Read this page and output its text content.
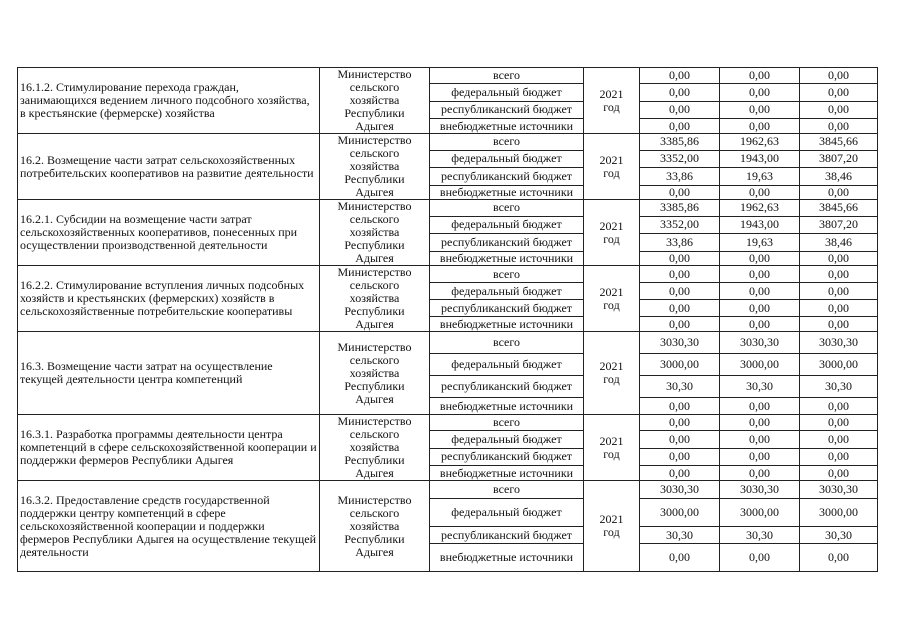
16.1.2. Стимулирование перехода граждан, занимающихся ведением личного подсобного хозяйства, в крестьянские (фермерске) хозяйства	Министерство сельского хозяйства Республики Адыгея	всего	2021 год	0,00	0,00	0,00
		федеральный бюджет		0,00	0,00	0,00
		республиканский бюджет		0,00	0,00	0,00
		внебюджетные источники		0,00	0,00	0,00
16.2. Возмещение части затрат сельскохозяйственных потребительских кооперативов на развитие деятельности	Министерство сельского хозяйства Республики Адыгея	всего	2021 год	3385,86	1962,63	3845,66
		федеральный бюджет		3352,00	1943,00	3807,20
		республиканский бюджет		33,86	19,63	38,46
		внебюджетные источники		0,00	0,00	0,00
16.2.1. Субсидии на возмещение части затрат сельскохозяйственных кооперативов, понесенных при осуществлении производственной деятельности	Министерство сельского хозяйства Республики Адыгея	всего	2021 год	3385,86	1962,63	3845,66
		федеральный бюджет		3352,00	1943,00	3807,20
		республиканский бюджет		33,86	19,63	38,46
		внебюджетные источники		0,00	0,00	0,00
16.2.2. Стимулирование вступления личных подсобных хозяйств и крестьянских (фермерских) хозяйств в сельскохозяйственные потребительские кооперативы	Министерство сельского хозяйства Республики Адыгея	всего	2021 год	0,00	0,00	0,00
		федеральный бюджет		0,00	0,00	0,00
		республиканский бюджет		0,00	0,00	0,00
		внебюджетные источники		0,00	0,00	0,00
16.3. Возмещение части затрат на осуществление текущей деятельности центра компетенций	Министерство сельского хозяйства Республики Адыгея	всего	2021 год	3030,30	3030,30	3030,30
		федеральный бюджет		3000,00	3000,00	3000,00
		республиканский бюджет		30,30	30,30	30,30
		внебюджетные источники		0,00	0,00	0,00
16.3.1. Разработка программы деятельности центра компетенций в сфере сельскохозяйственной кооперации и поддержки фермеров Республики Адыгея	Министерство сельского хозяйства Республики Адыгея	всего	2021 год	0,00	0,00	0,00
		федеральный бюджет		0,00	0,00	0,00
		республиканский бюджет		0,00	0,00	0,00
		внебюджетные источники		0,00	0,00	0,00
16.3.2. Предоставление средств государственной поддержки центру компетенций в сфере сельскохозяйственной кооперации и поддержки фермеров Республики Адыгея на осуществление текущей деятельности	Министерство сельского хозяйства Республики Адыгея	всего	2021 год	3030,30	3030,30	3030,30
		федеральный бюджет		3000,00	3000,00	3000,00
		республиканский бюджет		30,30	30,30	30,30
		внебюджетные источники		0,00	0,00	0,00
